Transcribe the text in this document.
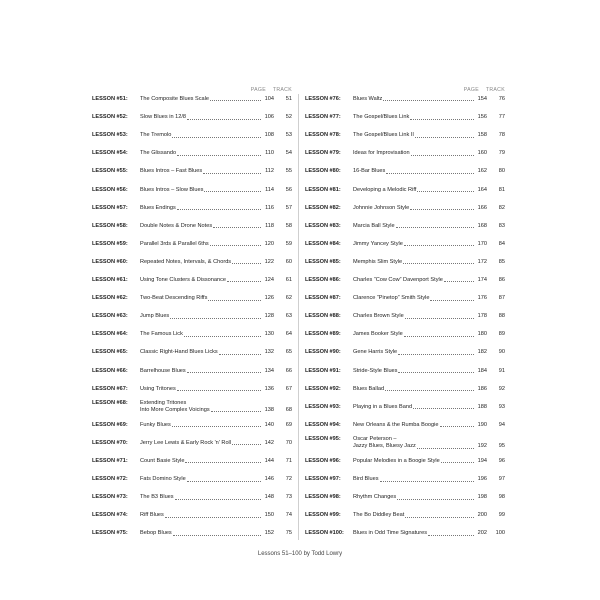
PAGE TRACK
LESSON #51:	The Composite Blues Scale	104	51
LESSON #52:	Slow Blues in 12/8	106	52
LESSON #53:	The Tremolo	108	53
LESSON #54:	The Glissando	110	54
LESSON #55:	Blues Intros – Fast Blues	112	55
LESSON #56:	Blues Intros – Slow Blues	114	56
LESSON #57:	Blues Endings	116	57
LESSON #58:	Double Notes & Drone Notes	118	58
LESSON #59:	Parallel 3rds & Parallel 6ths	120	59
LESSON #60:	Repeated Notes, Intervals, & Chords	122	60
LESSON #61:	Using Tone Clusters & Dissonance	124	61
LESSON #62:	Two-Beat Descending Riffs	126	62
LESSON #63:	Jump Blues	128	63
LESSON #64:	The Famous Lick	130	64
LESSON #65:	Classic Right-Hand Blues Licks	132	65
LESSON #66:	Barrelhouse Blues	134	66
LESSON #67:	Using Tritones	136	67
LESSON #68:	Extending Tritones
Into More Complex Voicings	138	68
LESSON #69:	Funky Blues	140	69
LESSON #70:	Jerry Lee Lewis & Early Rock 'n' Roll	142	70
LESSON #71:	Count Basie Style	144	71
LESSON #72:	Fats Domino Style	146	72
LESSON #73:	The B3 Blues	148	73
LESSON #74:	Riff Blues	150	74
LESSON #75:	Bebop Blues	152	75
PAGE TRACK
LESSON #76:	Blues Waltz	154	76
LESSON #77:	The Gospel/Blues Link	156	77
LESSON #78:	The Gospel/Blues Link II	158	78
LESSON #79:	Ideas for Improvisation	160	79
LESSON #80:	16-Bar Blues	162	80
LESSON #81:	Developing a Melodic Riff	164	81
LESSON #82:	Johnnie Johnson Style	166	82
LESSON #83:	Marcia Ball Style	168	83
LESSON #84:	Jimmy Yancey Style	170	84
LESSON #85:	Memphis Slim Style	172	85
LESSON #86:	Charles “Cow Cow” Davenport Style	174	86
LESSON #87:	Clarence “Pinetop” Smith Style	176	87
LESSON #88:	Charles Brown Style	178	88
LESSON #89:	James Booker Style	180	89
LESSON #90:	Gene Harris Style	182	90
LESSON #91:	Stride-Style Blues	184	91
LESSON #92:	Blues Ballad	186	92
LESSON #93:	Playing in a Blues Band	188	93
LESSON #94:	New Orleans & the Rumba Boogie	190	94
LESSON #95:	Oscar Peterson –
Jazzy Blues, Bluesy Jazz	192	95
LESSON #96:	Popular Melodies in a Boogie Style	194	96
LESSON #97:	Bird Blues	196	97
LESSON #98:	Rhythm Changes	198	98
LESSON #99:	The Bo Diddley Beat	200	99
LESSON #100:	Blues in Odd Time Signatures	202	100
Lessons 51–100 by Todd Lowry
